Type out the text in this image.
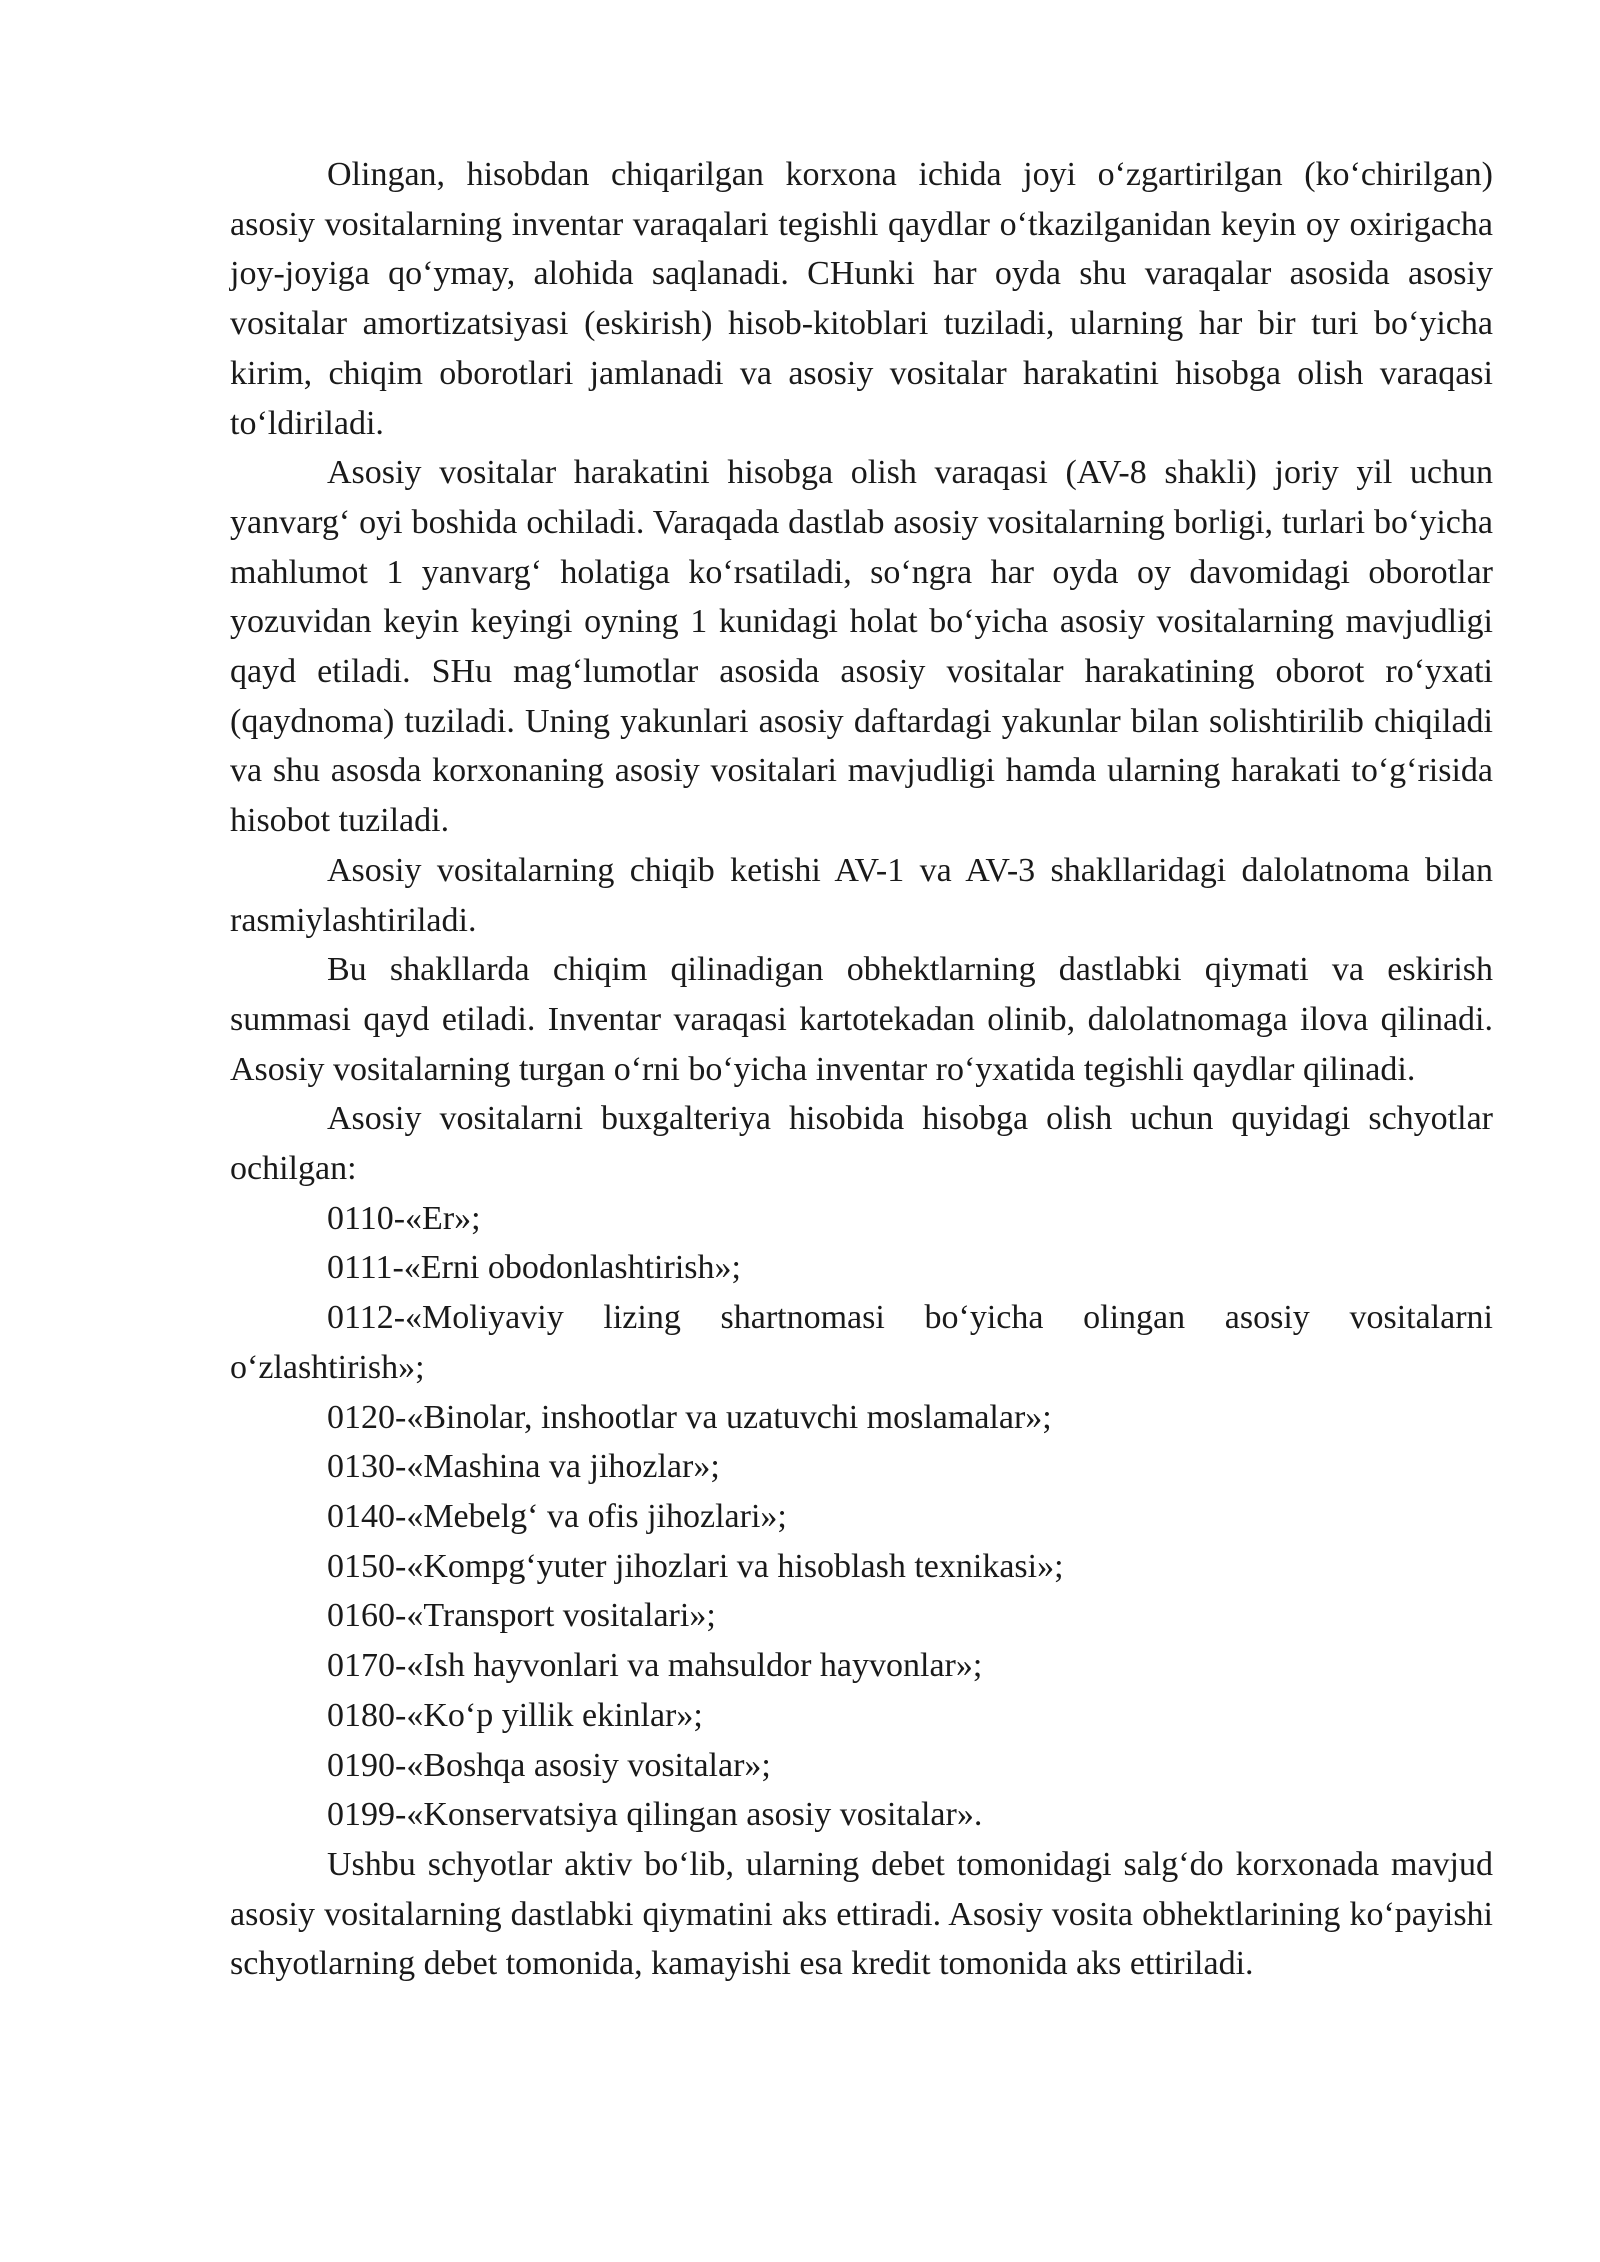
Olingan, hisobdan chiqarilgan korxona ichida joyi o‘zgartirilgan (ko‘chirilgan) asosiy vositalarning inventar varaqalari tegishli qaydlar o‘tkazilganidan keyin oy oxirigacha joy-joyiga qo‘ymay, alohida saqlanadi. CHunki har oyda shu varaqalar asosida asosiy vositalar amortizatsiyasi (eskirish) hisob-kitoblari tuziladi, ularning har bir turi bo‘yicha kirim, chiqim oborotlari jamlanadi va asosiy vositalar harakatini hisobga olish varaqasi to‘ldiriladi.

Asosiy vositalar harakatini hisobga olish varaqasi (AV-8 shakli) joriy yil uchun yanvarg‘ oyi boshida ochiladi. Varaqada dastlab asosiy vositalarning borligi, turlari bo‘yicha mahlumot 1 yanvarg‘ holatiga ko‘rsatiladi, so‘ngra har oyda oy davomidagi oborotlar yozuvidan keyin keyingi oyning 1 kunidagi holat bo‘yicha asosiy vositalarning mavjudligi qayd etiladi. SHu mag‘lumotlar asosida asosiy vositalar harakatining oborot ro‘yxati (qaydnoma) tuziladi. Uning yakunlari asosiy daftardagi yakunlar bilan solishtirilib chiqiladi va shu asosda korxonaning asosiy vositalari mavjudligi hamda ularning harakati to‘g‘risida hisobot tuziladi.

Asosiy vositalarning chiqib ketishi AV-1 va AV-3 shakllaridagi dalolatnoma bilan rasmiylashtiriladi.

Bu shakllarda chiqim qilinadigan obhektlarning dastlabki qiymati va eskirish summasi qayd etiladi. Inventar varaqasi kartotekadan olinib, dalolatnomaga ilova qilinadi. Asosiy vositalarning turgan o‘rni bo‘yicha inventar ro‘yxatida tegishli qaydlar qilinadi.

Asosiy vositalarni buxgalteriya hisobida hisobga olish uchun quyidagi schyotlar ochilgan:

0110-«Er»;

0111-«Erni obodonlashtirish»;

0112-«Moliyaviy lizing shartnomasi bo‘yicha olingan asosiy vositalarni o‘zlashtirish»;

0120-«Binolar, inshootlar va uzatuvchi moslamalar»;

0130-«Mashina va jihozlar»;

0140-«Mebelg‘ va ofis jihozlari»;

0150-«Kompg‘yuter jihozlari va hisoblash texnikasi»;

0160-«Transport vositalari»;

0170-«Ish hayvonlari va mahsuldor hayvonlar»;

0180-«Ko‘p yillik ekinlar»;

0190-«Boshqa asosiy vositalar»;

0199-«Konservatsiya qilingan asosiy vositalar».

Ushbu schyotlar aktiv bo‘lib, ularning debet tomonidagi salg‘do korxonada mavjud asosiy vositalarning dastlabki qiymatini aks ettiradi. Asosiy vosita obhektlarining ko‘payishi schyotlarning debet tomonida, kamayishi esa kredit tomonida aks ettiriladi.
